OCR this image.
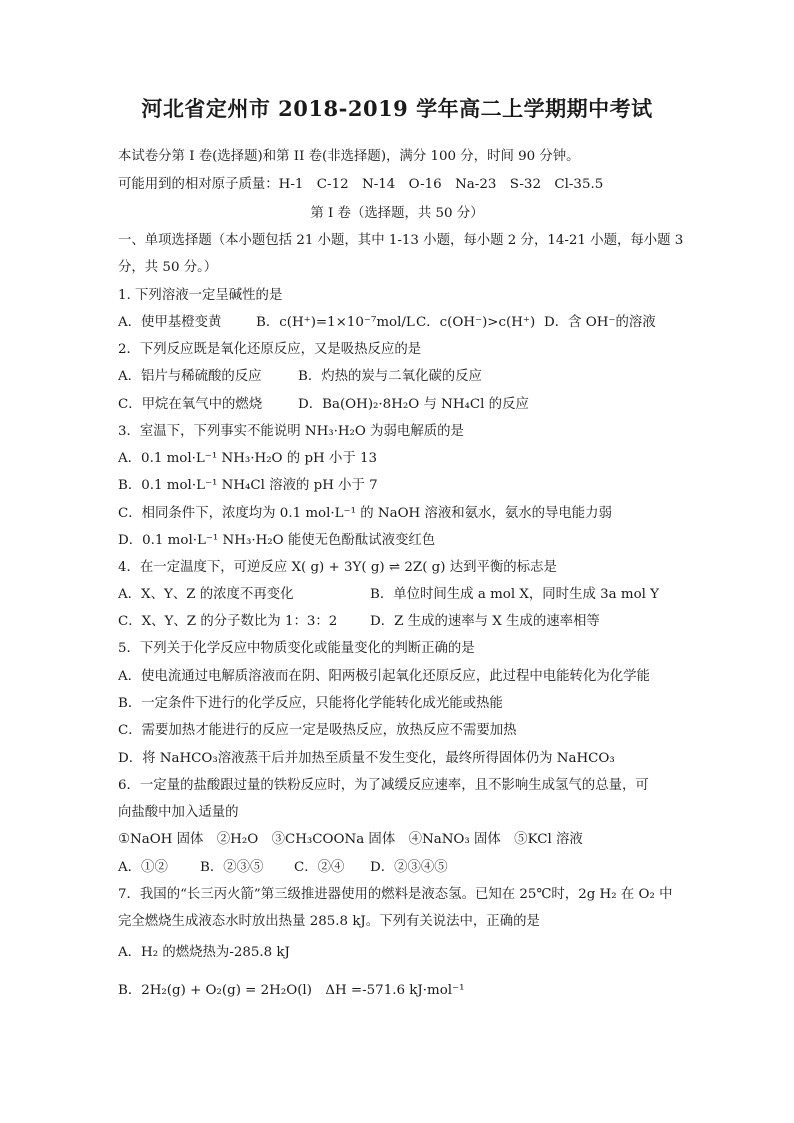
河北省定州市 2018-2019 学年高二上学期期中考试
本试卷分第 I 卷(选择题)和第 II 卷(非选择题)，满分 100 分，时间 90 分钟。
可能用到的相对原子质量：H-1　C-12　N-14　O-16　Na-23　S-32　Cl-35.5
第 I 卷（选择题，共 50 分）
一、单项选择题（本小题包括 21 小题，其中 1-13 小题，每小题 2 分，14-21 小题，每小题 3
分，共 50 分。）
1. 下列溶液一定呈碱性的是
A．使甲基橙变黄	B．c(H⁺)=1×10⁻⁷mol/L C．c(OH⁻)>c(H⁺) D．含 OH⁻的溶液
2．下列反应既是氧化还原反应，又是吸热反应的是
A．铝片与稀硫酸的反应	B．灼热的炭与二氧化碳的反应
C．甲烷在氧气中的燃烧	D．Ba(OH)₂·8H₂O 与 NH₄Cl 的反应
3．室温下，下列事实不能说明 NH₃·H₂O 为弱电解质的是
A．0.1 mol·L⁻¹ NH₃·H₂O 的 pH 小于 13
B．0.1 mol·L⁻¹ NH₄Cl 溶液的 pH 小于 7
C．相同条件下，浓度均为 0.1 mol·L⁻¹ 的 NaOH 溶液和氨水，氨水的导电能力弱
D．0.1 mol·L⁻¹ NH₃·H₂O 能使无色酚酞试液变红色
4．在一定温度下，可逆反应 X( g) + 3Y( g) ⇌ 2Z( g) 达到平衡的标志是
A．X、Y、Z 的浓度不再变化	B．单位时间生成 a mol X，同时生成 3a mol Y
C．X、Y、Z 的分子数比为 1：3：2 D．Z 生成的速率与 X 生成的速率相等
5．下列关于化学反应中物质变化或能量变化的判断正确的是
A．使电流通过电解质溶液而在阴、阳两极引起氧化还原反应，此过程中电能转化为化学能
B．一定条件下进行的化学反应，只能将化学能转化成光能或热能
C．需要加热才能进行的反应一定是吸热反应，放热反应不需要加热
D．将 NaHCO₃溶液蒸干后并加热至质量不发生变化，最终所得固体仍为 NaHCO₃
6．一定量的盐酸跟过量的铁粉反应时，为了减缓反应速率，且不影响生成氢气的总量，可
向盐酸中加入适量的
①NaOH 固体　②H₂O　③CH₃COONa 固体　④NaNO₃ 固体　⑤KCl 溶液
A．①② B．②③⑤ C．②④ D．②③④⑤
7．我国的“长三丙火箭”第三级推进器使用的燃料是液态氢。已知在 25℃时，2g H₂ 在 O₂ 中
完全燃烧生成液态水时放出热量 285.8 kJ。下列有关说法中，正确的是
A．H₂ 的燃烧热为-285.8 kJ
B．2H₂(g) + O₂(g) = 2H₂O(l)　ΔH =-571.6 kJ·mol⁻¹
